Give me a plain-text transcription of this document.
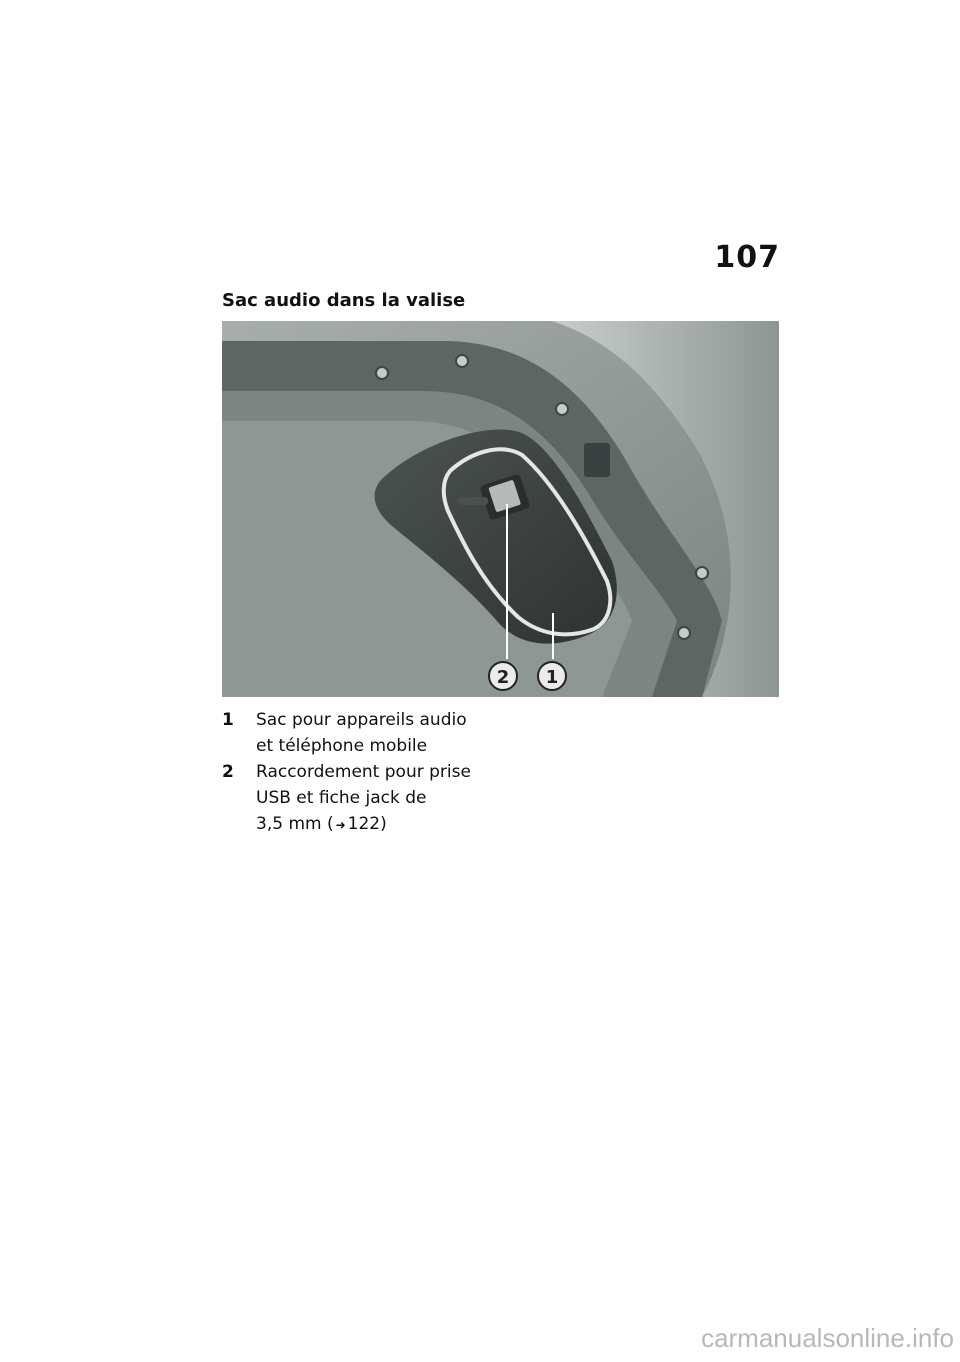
107
Sac audio dans la valise
2 1
1	Sac pour appareils audio
et téléphone mobile
2	Raccordement pour prise
USB et fiche jack de
3,5 mm ( ➜ 122)
carmanualsonline.info
